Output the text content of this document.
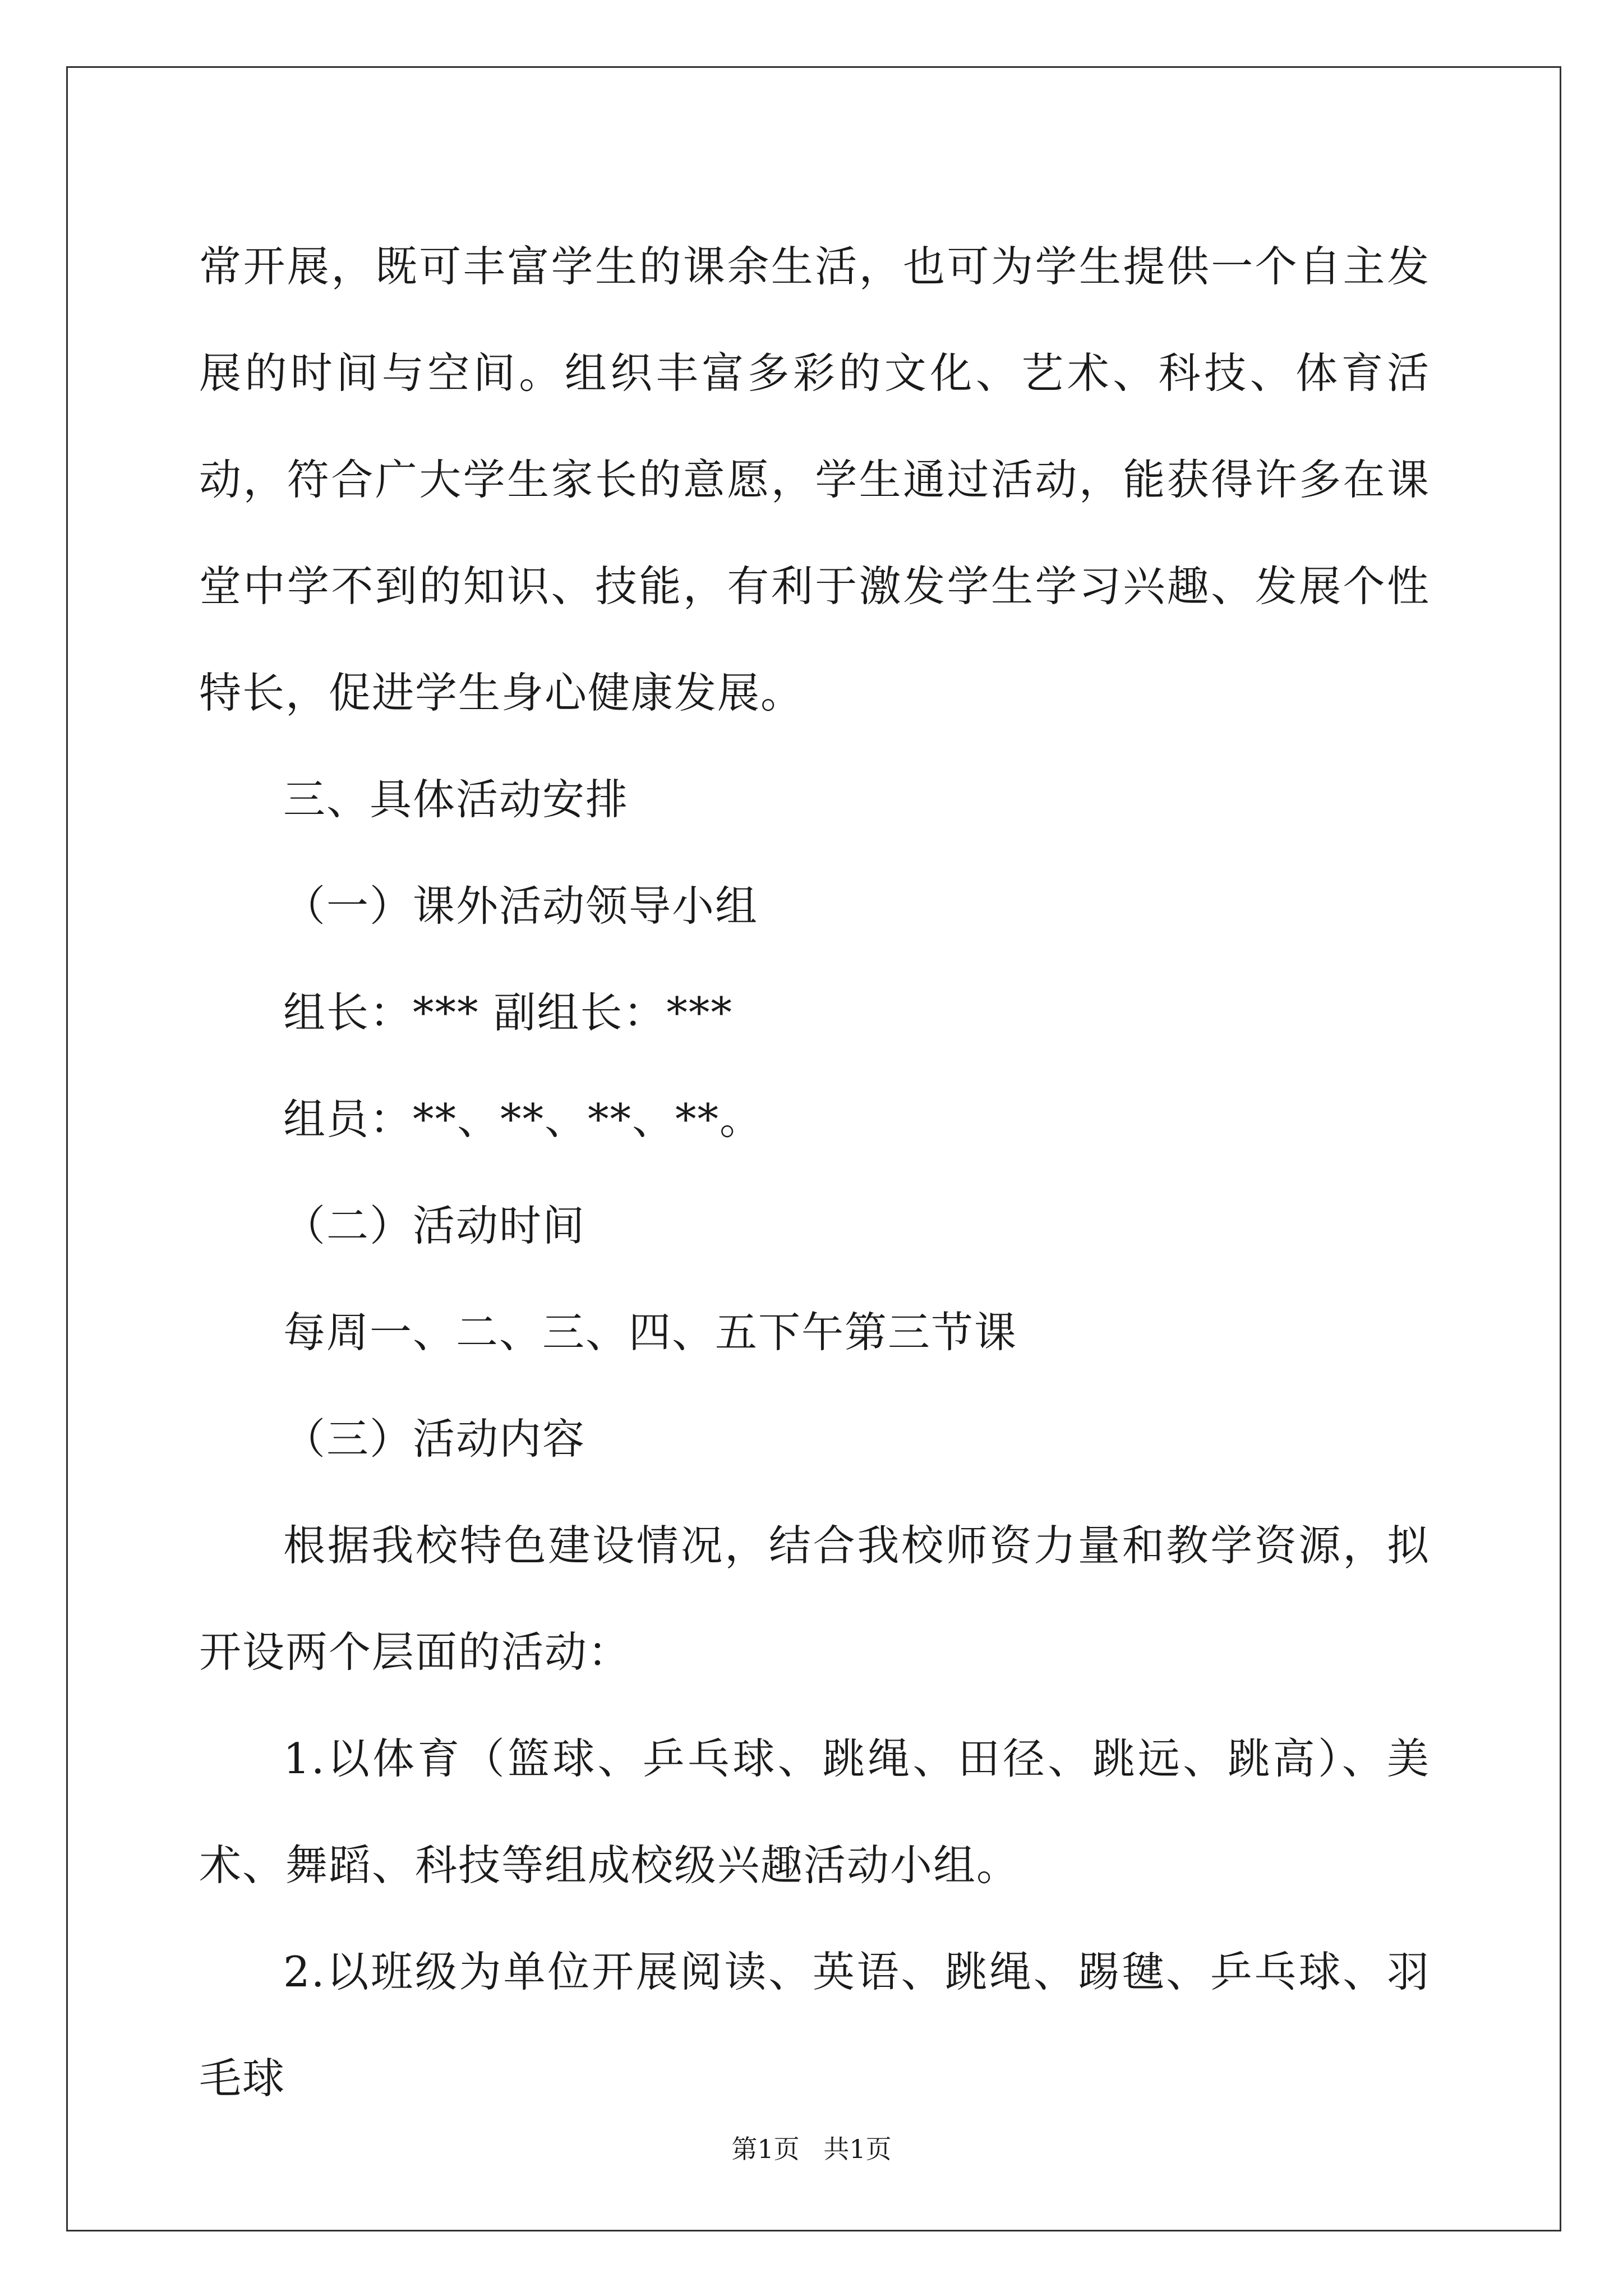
常开展，既可丰富学生的课余生活，也可为学生提供一个自主发展的时间与空间。组织丰富多彩的文化、艺术、科技、体育活动，符合广大学生家长的意愿，学生通过活动，能获得许多在课堂中学不到的知识、技能，有利于激发学生学习兴趣、发展个性特长，促进学生身心健康发展。

三、具体活动安排

（一）课外活动领导小组

组长：*** 副组长：***

组员：**、**、**、**。

（二）活动时间

每周一、二、三、四、五下午第三节课

（三）活动内容

根据我校特色建设情况，结合我校师资力量和教学资源，拟开设两个层面的活动：

1.以体育（篮球、乒乓球、跳绳、田径、跳远、跳高）、美术、舞蹈、科技等组成校级兴趣活动小组。

2.以班级为单位开展阅读、英语、跳绳、踢毽、乒乓球、羽毛球

第1页 共1页
